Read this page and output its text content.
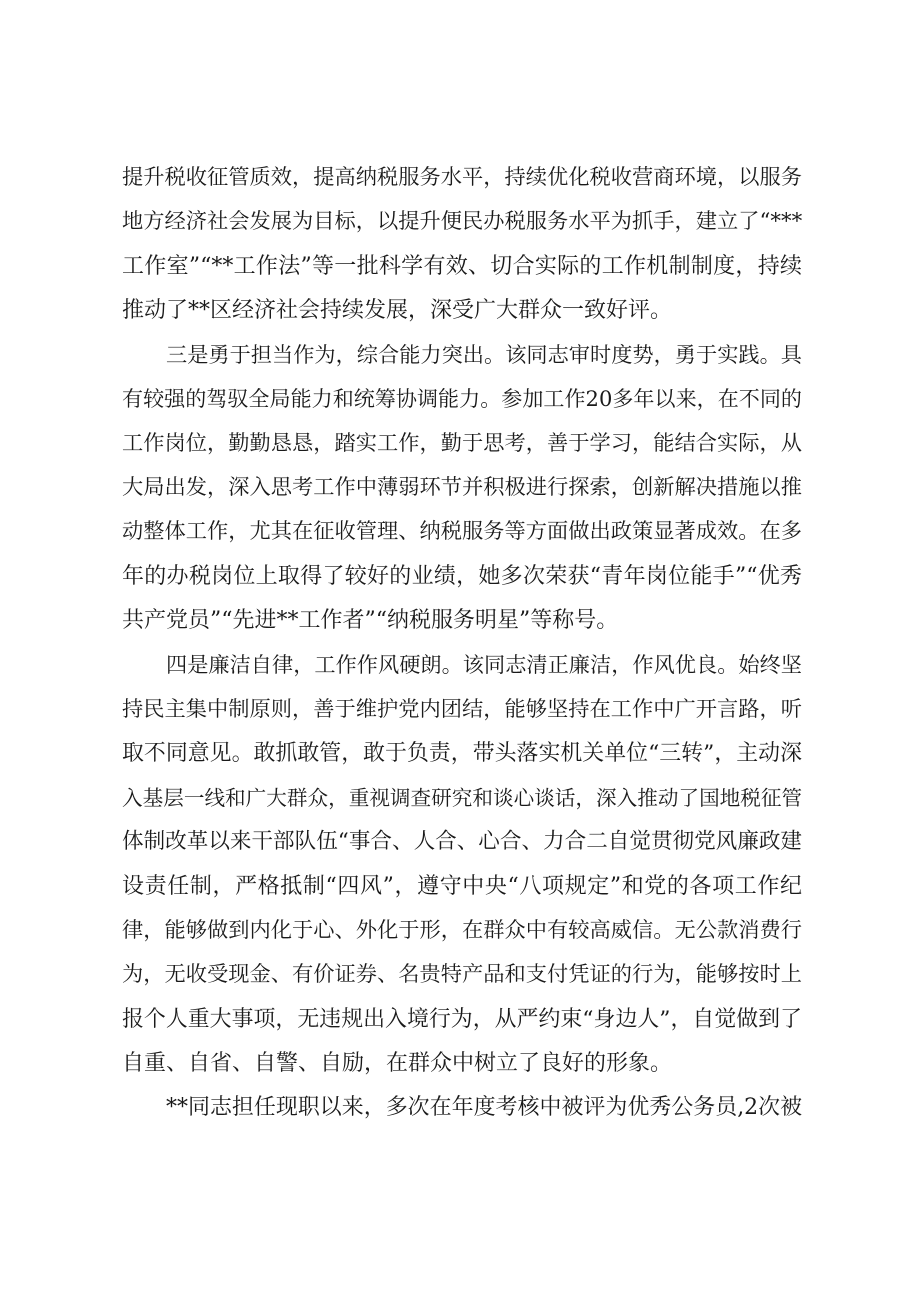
提升税收征管质效，提高纳税服务水平，持续优化税收营商环境，以服务
地方经济社会发展为目标，以提升便民办税服务水平为抓手，建立了“***
工作室”“**工作法”等一批科学有效、切合实际的工作机制制度，持续
推动了**区经济社会持续发展，深受广大群众一致好评。
三是勇于担当作为，综合能力突出。该同志审时度势，勇于实践。具
有较强的驾驭全局能力和统筹协调能力。参加工作20多年以来，在不同的
工作岗位，勤勤恳恳，踏实工作，勤于思考，善于学习，能结合实际，从
大局出发，深入思考工作中薄弱环节并积极进行探索，创新解决措施以推
动整体工作，尤其在征收管理、纳税服务等方面做出政策显著成效。在多
年的办税岗位上取得了较好的业绩，她多次荣获“青年岗位能手”“优秀
共产党员”“先进**工作者”“纳税服务明星”等称号。
四是廉洁自律，工作作风硬朗。该同志清正廉洁，作风优良。始终坚
持民主集中制原则，善于维护党内团结，能够坚持在工作中广开言路，听
取不同意见。敢抓敢管，敢于负责，带头落实机关单位“三转”，主动深
入基层一线和广大群众，重视调查研究和谈心谈话，深入推动了国地税征管
体制改革以来干部队伍“事合、人合、心合、力合二自觉贯彻党风廉政建
设责任制，严格抵制“四风”，遵守中央“八项规定”和党的各项工作纪
律，能够做到内化于心、外化于形，在群众中有较高威信。无公款消费行
为，无收受现金、有价证券、名贵特产品和支付凭证的行为，能够按时上
报个人重大事项，无违规出入境行为，从严约束“身边人”，自觉做到了
自重、自省、自警、自励，在群众中树立了良好的形象。
**同志担任现职以来，多次在年度考核中被评为优秀公务员,2次被
